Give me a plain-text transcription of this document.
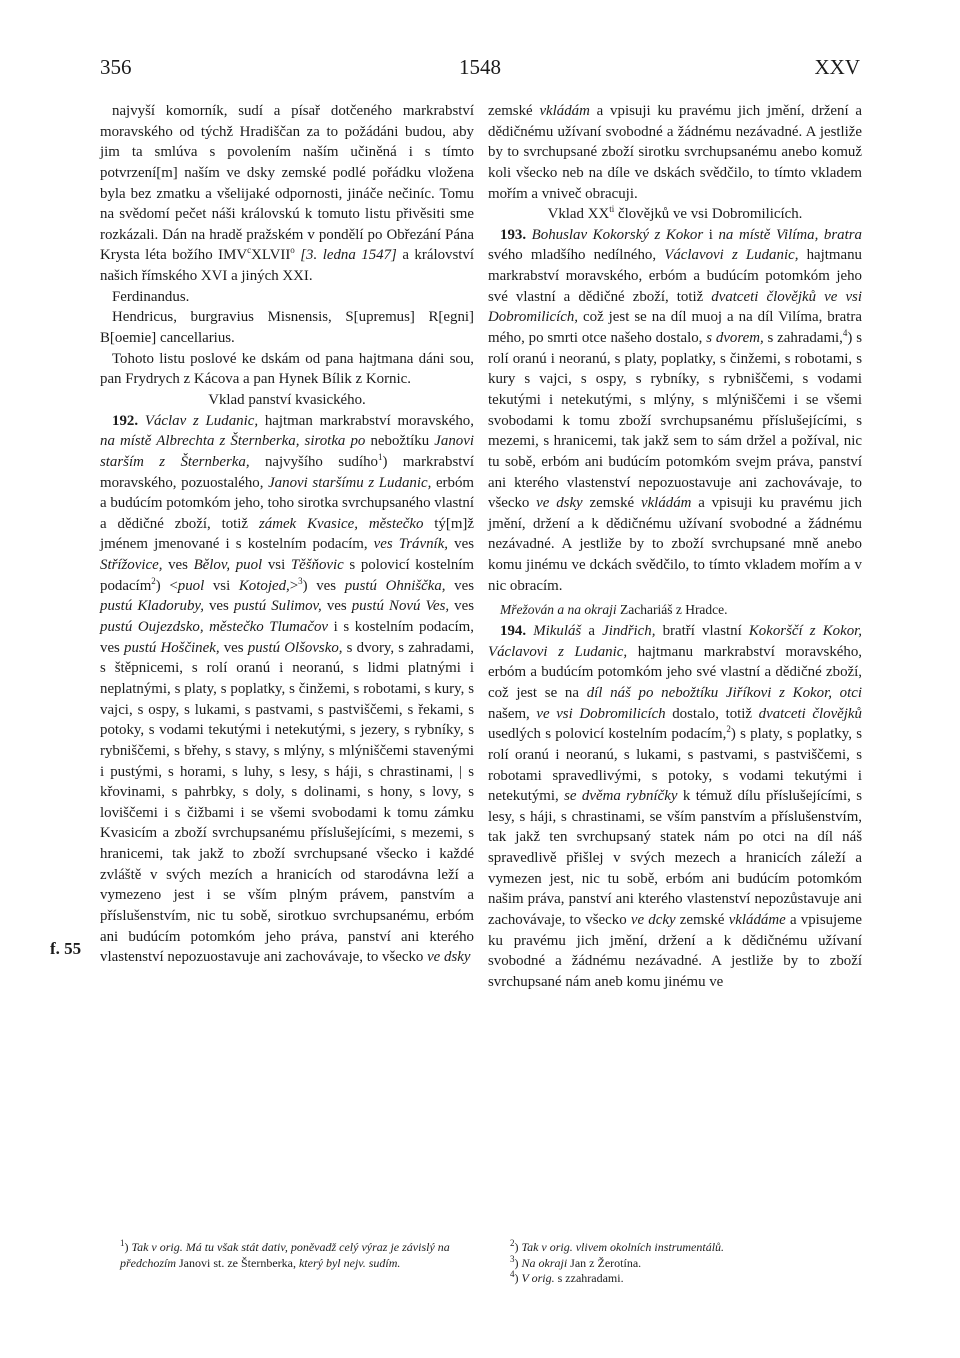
356	1548	XXV
f. 55

najvyší komorník, sudí a písař dotčeného markrabství moravského od týchž Hradiščan za to požádáni budou, aby jim ta smlúva s povolením naším učiněná i s tímto potvrzení[m] naším ve dsky zemské podlé pořádku vložena byla bez zmatku a všelijaké odpornosti, jináče nečiníc. Tomu na svědomí pečet náši královskú k tomuto listu přivěsiti sme rozkázali. Dán na hradě pražském v pondělí po Obřezání Pána Krysta léta božího IMV$^c$XLVII$^o$ [3. ledna 1547] a království našich římského XVI a jiných XXI.

Ferdinandus.

Hendricus, burgravius Misnensis, S[upremus] R[egni] B[oemie] cancellarius.

Tohoto listu poslové ke dskám od pana hajtmana dáni sou, pan Frydrych z Kácova a pan Hynek Bílik z Kornic.

Vklad panství kvasického.

192. Václav z Ludanic, hajtman markrabství moravského, na místě Albrechta z Šternberka, sirotka po nebožtíku Janovi starším z Šternberka, najvyšího sudího$^1$) markrabství moravského, pozuostalého, Janovi staršímu z Ludanic, erbóm a budúcím potomkóm jeho, toho sirotka svrchupsaného vlastní a dědičné zboží, totiž zámek Kvasice, městečko tý[m]ž jménem jmenované i s kostelním podacím, ves Trávník, ves Střížovice, ves Bělov, puol vsi Těšňovic s polovicí kostelním podacím$^2$) <puol vsi Kotojed,>$^3$) ves pustú Ohniščka, ves pustú Kladoruby, ves pustú Sulimov, ves pustú Novú Ves, ves pustú Oujezdsko, městečko Tlumačov i s kostelním podacím, ves pustú Hoščinek, ves pustú Olšovsko, s dvory, s zahradami, s štěpnicemi, s rolí oranú i neoranú, s lidmi platnými i neplatnými, s platy, s poplatky, s činžemi, s robotami, s kury, s vajci, s ospy, s lukami, s pastvami, s pastviščemi, s řekami, s potoky, s vodami tekutými i netekutými, s jezery, s rybníky, s rybniščemi, s břehy, s stavy, s mlýny, s mlýniščemi stavenými i pustými, s horami, s luhy, s lesy, s háji, s chrastinami, | s křovinami, s pahrbky, s doly, s dolinami, s hony, s lovy, s loviščemi i s čižbami i se všemi svobodami k tomu zámku Kvasicím a zboží svrchupsanému příslušejícími, s mezemi, s hranicemi, tak jakž to zboží svrchupsané všecko i každé zvláště v svých mezích a hranicích od starodávna leží a vymezeno jest i se vším plným právem, panstvím a příslušenstvím, nic tu sobě, sirotkuo svrchupsanému, erbóm ani budúcím potomkóm jeho práva, panství ani kterého vlastenství nepozuostavuje ani zachovávaje, to všecko ve dsky

zemské vkládám a vpisuji ku pravému jich jmění, držení a dědičnému užívaní svobodné a žádnému nezávadné. A jestliže by to svrchupsané zboží sirotku svrchupsanému anebo komuž koli všecko neb na díle ve dskách svědčilo, to tímto vkladem mořím a vniveč obracuji.

Vklad $XX^{ti}$ človějků ve vsi Dobromilicích.

193. Bohuslav Kokorský z Kokor i na místě Vilíma, bratra svého mladšího nedílného, Václavovi z Ludanic, hajtmanu markrabství moravského, erbóm a budúcím potomkóm jeho své vlastní a dědičné zboží, totiž dvatceti človějků ve vsi Dobromilicích, což jest se na díl muoj a na díl Vilíma, bratra mého, po smrti otce našeho dostalo, s dvorem, s zahradami,$^4$) s rolí oranú i neoranú, s platy, poplatky, s činžemi, s robotami, s kury s vajci, s ospy, s rybníky, s rybniščemi, s vodami tekutými i netekutými, s mlýny, s mlýniščemi i se všemi svobodami k tomu zboží svrchupsanému příslušejícími, s mezemi, s hranicemi, tak jakž sem to sám držel a požíval, nic tu sobě, erbóm ani budúcím potomkóm svejm práva, panství ani kterého vlastenství nepozuostavuje ani zachovávaje, to všecko ve dsky zemské vkládám a vpisuji ku pravému jich jmění, držení a k dědičnému užívaní svobodné a žádnému nezávadné. A jestliže by to zboží svrchupsané mně anebo komu jinému ve dckách svědčilo, to tímto vkladem mořím a v nic obracím.

Mřežován a na okraji Zachariáš z Hradce.

194. Mikuláš a Jindřich, bratří vlastní Kokorščí z Kokor, Václavovi z Ludanic, hajtmanu markrabství moravského, erbóm a budúcím potomkóm jeho své vlastní a dědičné zboží, což jest se na díl náš po nebožtíku Jiříkovi z Kokor, otci našem, ve vsi Dobromilicích dostalo, totiž dvatceti človějků usedlých s polovicí kostelním podacím,$^2$) s platy, s poplatky, s rolí oranú i neoranú, s lukami, s pastvami, s pastviščemi, s robotami spravedlivými, s potoky, s vodami tekutými i netekutými, se dvěma rybníčky k témuž dílu příslušejícími, s lesy, s háji, s chrastinami, se vším panstvím a příslušenstvím, tak jakž ten svrchupsaný statek nám po otci na díl náš spravedlivě přišlej v svých mezech a hranicích záleží a vymezen jest, nic tu sobě, erbóm ani budúcím potomkóm našim práva, panství ani kterého vlastenství nepozůstavuje ani zachovávaje, to všecko ve dcky zemské vkládáme a vpisujeme ku pravému jich jmění, držení a k dědičnému užívaní svobodné a žádnému nezávadné. A jestliže by to zboží svrchupsané nám aneb komu jinému ve

$^1$) Tak v orig. Má tu však stát dativ, poněvadž celý výraz je závislý na předchozím Janovi st. ze Šternberka, který byl nejv. sudím.
$^2$) Tak v orig. vlivem okolních instrumentálů.
$^3$) Na okraji Jan z Žerotína.
$^4$) V orig. s zzahradami.
